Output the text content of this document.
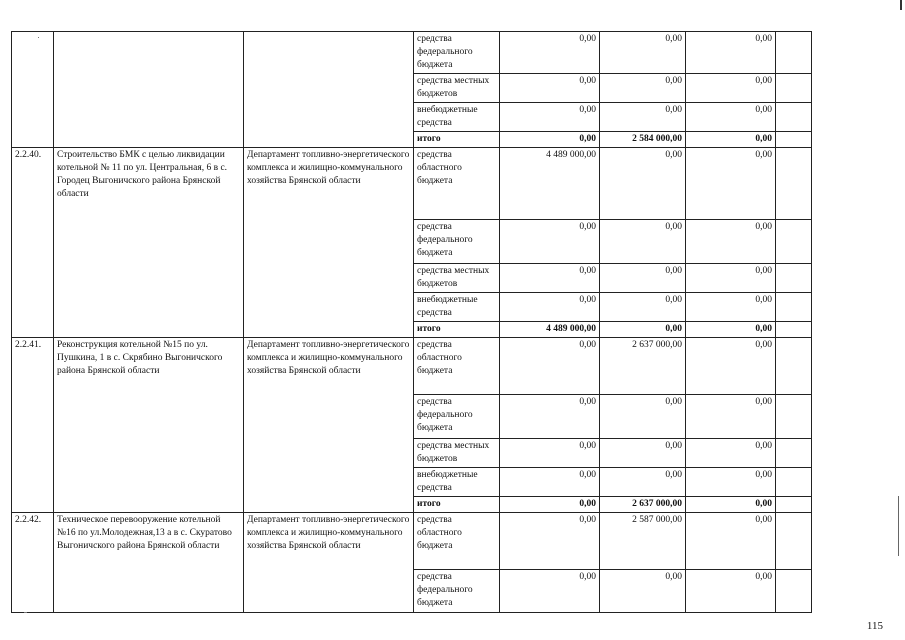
			средства федерального бюджета	0,00	0,00	0,00	
			средства местных бюджетов	0,00	0,00	0,00	
			внебюджетные средства	0,00	0,00	0,00	
			итого	0,00	2 584 000,00	0,00	
2.2.40.	Строительство БМК с целью ликвидации котельной № 11 по ул. Центральная, 6 в с. Городец Выгоничского района Брянской области	Департамент топливно-энергетического комплекса и жилищно-коммунального хозяйства Брянской области	средства областного бюджета	4 489 000,00	0,00	0,00	
			средства федерального бюджета	0,00	0,00	0,00	
			средства местных бюджетов	0,00	0,00	0,00	
			внебюджетные средства	0,00	0,00	0,00	
			итого	4 489 000,00	0,00	0,00	
2.2.41.	Реконструкция котельной №15 по ул. Пушкина, 1 в с. Скрябино Выгоничского района Брянской области	Департамент топливно-энергетического комплекса и жилищно-коммунального хозяйства Брянской области	средства областного бюджета	0,00	2 637 000,00	0,00	
			средства федерального бюджета	0,00	0,00	0,00	
			средства местных бюджетов	0,00	0,00	0,00	
			внебюджетные средства	0,00	0,00	0,00	
			итого	0,00	2 637 000,00	0,00	
2.2.42.	Техническое перевооружение котельной №16 по ул.Молодежная,13 а в с. Скуратово Выгоничского района Брянской области	Департамент топливно-энергетического комплекса и жилищно-коммунального хозяйства Брянской области	средства областного бюджета	0,00	2 587 000,00	0,00	
			средства федерального бюджета	0,00	0,00	0,00	
115
